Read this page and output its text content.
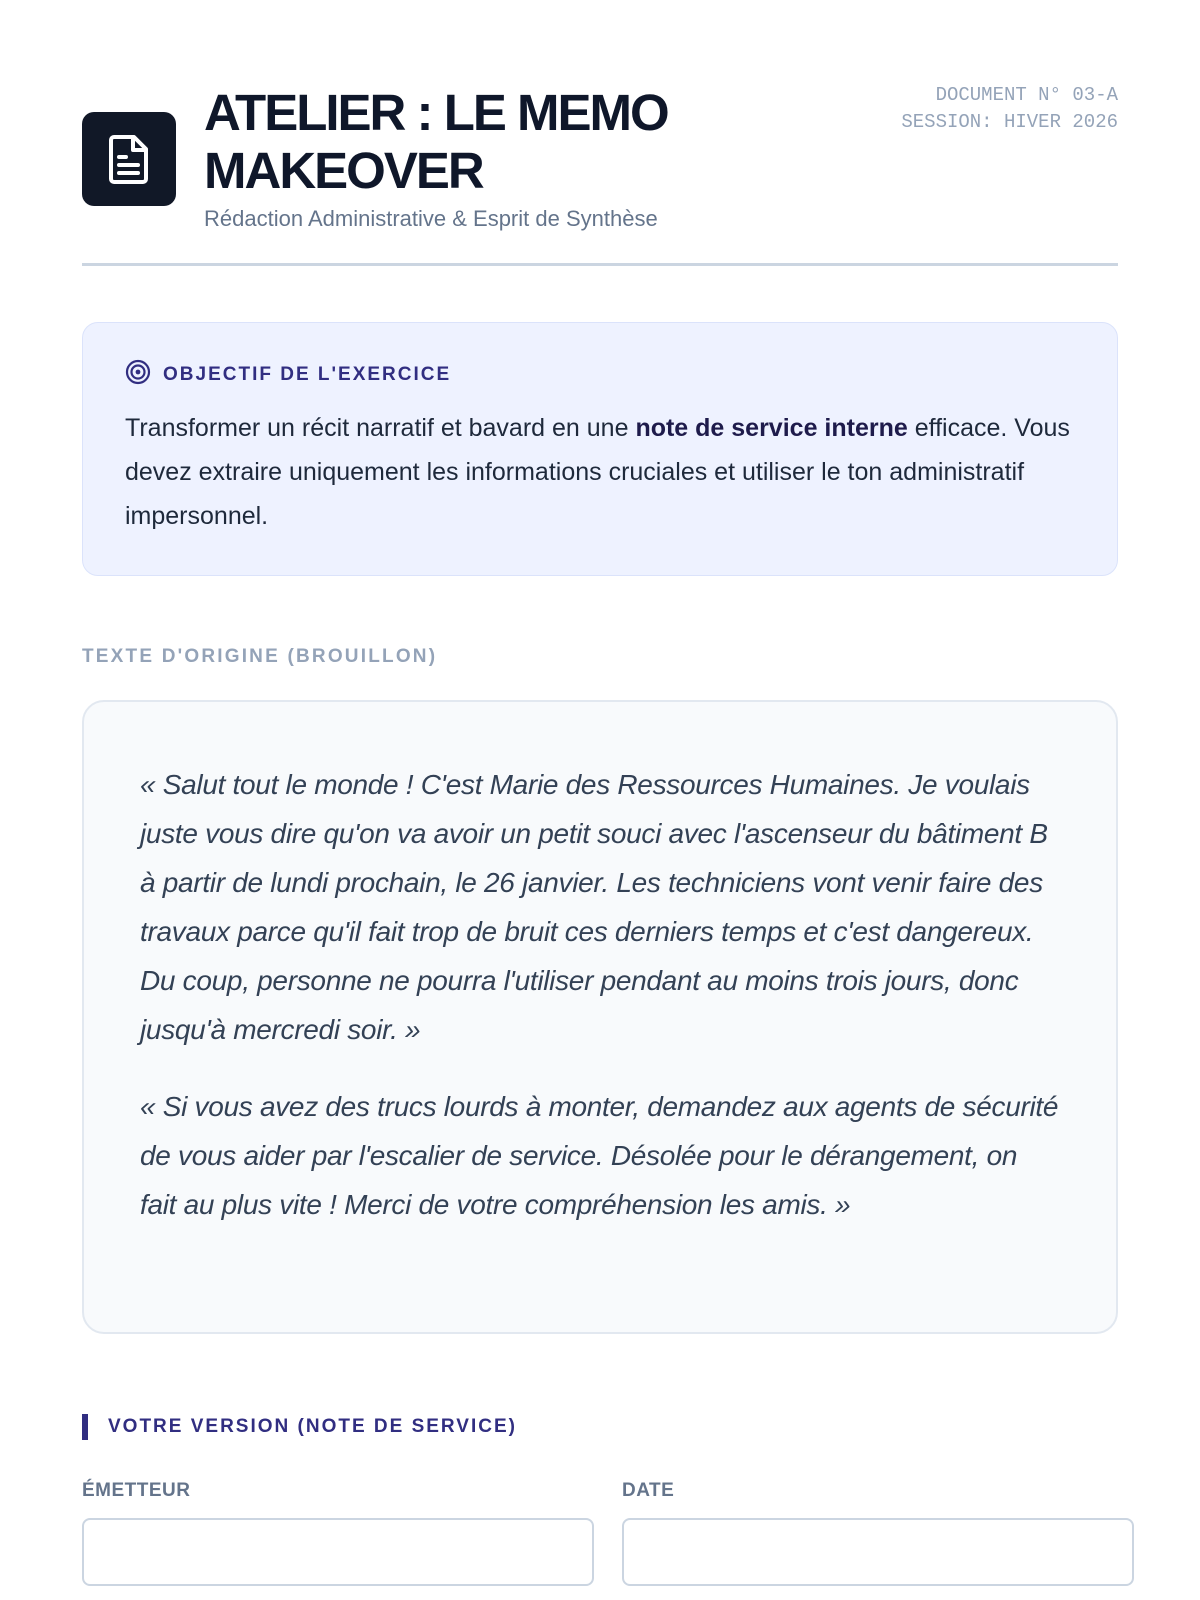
ATELIER : LE MEMO MAKEOVER
Rédaction Administrative & Esprit de Synthèse
DOCUMENT N° 03-A
SESSION: HIVER 2026
OBJECTIF DE L'EXERCICE

Transformer un récit narratif et bavard en une note de service interne efficace. Vous devez extraire uniquement les informations cruciales et utiliser le ton administratif impersonnel.

TEXTE D'ORIGINE (BROUILLON)

« Salut tout le monde ! C'est Marie des Ressources Humaines. Je voulais juste vous dire qu'on va avoir un petit souci avec l'ascenseur du bâtiment B à partir de lundi prochain, le 26 janvier. Les techniciens vont venir faire des travaux parce qu'il fait trop de bruit ces derniers temps et c'est dangereux. Du coup, personne ne pourra l'utiliser pendant au moins trois jours, donc jusqu'à mercredi soir. »

« Si vous avez des trucs lourds à monter, demandez aux agents de sécurité de vous aider par l'escalier de service. Désolée pour le dérangement, on fait au plus vite ! Merci de votre compréhension les amis. »

VOTRE VERSION (NOTE DE SERVICE)
ÉMETTEUR	DATE
